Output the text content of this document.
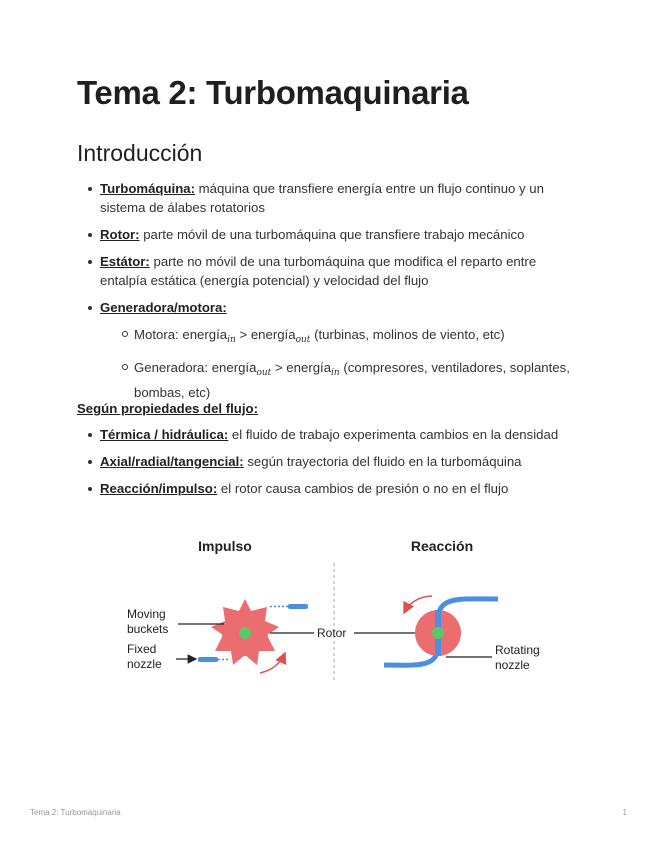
Tema 2: Turbomaquinaria
Introducción
Turbomáquina: máquina que transfiere energía entre un flujo continuo y un sistema de álabes rotatorios
Rotor: parte móvil de una turbomáquina que transfiere trabajo mecánico
Estátor: parte no móvil de una turbomáquina que modifica el reparto entre entalpía estática (energía potencial) y velocidad del flujo
Generadora/motora:
Motora: energía$_{in}$ > energía$_{out}$ (turbinas, molinos de viento, etc)
Generadora: energía$_{out}$ > energía$_{in}$ (compresores, ventiladores, soplantes, bombas, etc)

Según propiedades del flujo:

Térmica / hidráulica: el fluido de trabajo experimenta cambios en la densidad
Axial/radial/tangencial: según trayectoria del fluido en la turbomáquina
Reacción/impulso: el rotor causa cambios de presión o no en el flujo
Impulso	Reacción
Moving
buckets
Fixed
nozzle
Rotor
Rotating
nozzle
Tema 2: Turbomaquinaria	1
